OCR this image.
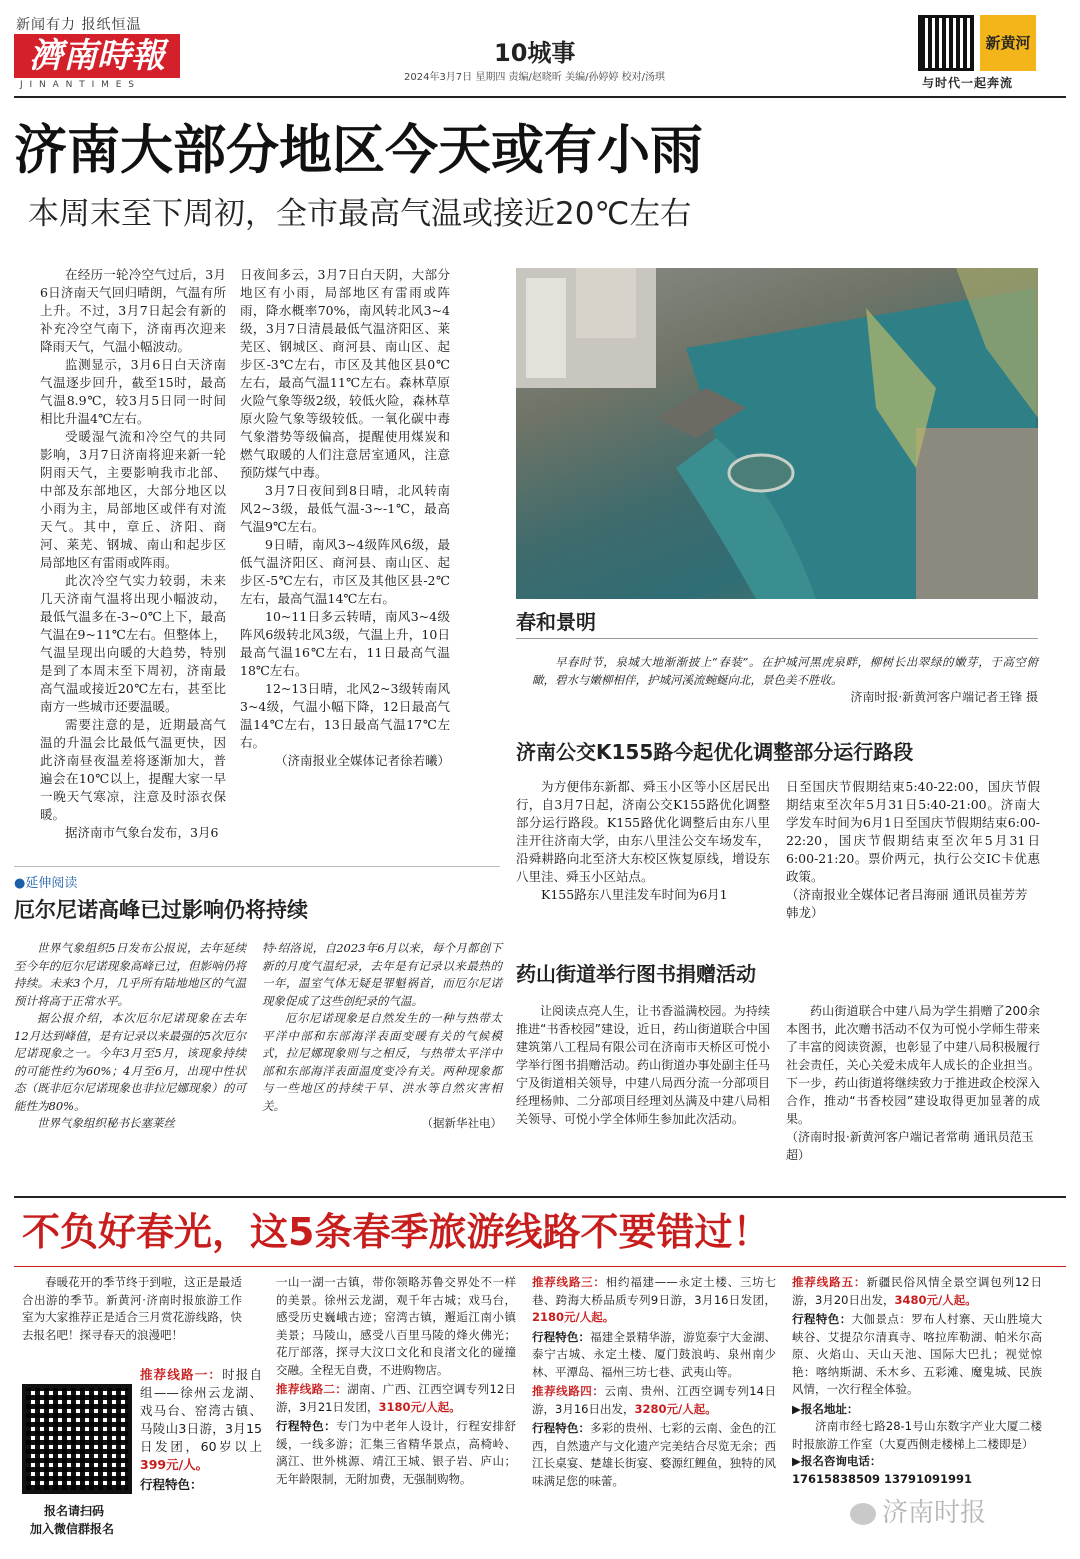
新闻有力 报纸恒温
濟南時報
J I N A N T I M E S
10城事
2024年3月7日 星期四 责编/赵晓昕 美编/孙婷婷 校对/汤琪
新黄河
与时代一起奔流
济南大部分地区今天或有小雨
本周末至下周初，全市最高气温或接近20℃左右

在经历一轮冷空气过后，3月6日济南天气回归晴朗，气温有所上升。不过，3月7日起会有新的补充冷空气南下，济南再次迎来降雨天气，气温小幅波动。

监测显示，3月6日白天济南气温逐步回升，截至15时，最高气温8.9℃，较3月5日同一时间相比升温4℃左右。

受暖湿气流和冷空气的共同影响，3月7日济南将迎来新一轮阴雨天气，主要影响我市北部、中部及东部地区，大部分地区以小雨为主，局部地区或伴有对流天气。其中，章丘、济阳、商河、莱芜、钢城、南山和起步区局部地区有雷雨或阵雨。

此次冷空气实力较弱，未来几天济南气温将出现小幅波动，最低气温多在-3~0℃上下，最高气温在9~11℃左右。但整体上，气温呈现出向暖的大趋势，特别是到了本周末至下周初，济南最高气温或接近20℃左右，甚至比南方一些城市还要温暖。

需要注意的是，近期最高气温的升温会比最低气温更快，因此济南昼夜温差将逐渐加大，普遍会在10℃以上，提醒大家一早一晚天气寒凉，注意及时添衣保暖。

据济南市气象台发布，3月6

日夜间多云，3月7日白天阴，大部分地区有小雨，局部地区有雷雨或阵雨，降水概率70%，南风转北风3~4级，3月7日清晨最低气温济阳区、莱芜区、钢城区、商河县、南山区、起步区-3℃左右，市区及其他区县0℃左右，最高气温11℃左右。森林草原火险气象等级2级，较低火险，森林草原火险气象等级较低。一氧化碳中毒气象潜势等级偏高，提醒使用煤炭和燃气取暖的人们注意居室通风，注意预防煤气中毒。

3月7日夜间到8日晴，北风转南风2~3级，最低气温-3~-1℃，最高气温9℃左右。

9日晴，南风3~4级阵风6级，最低气温济阳区、商河县、南山区、起步区-5℃左右，市区及其他区县-2℃左右，最高气温14℃左右。

10~11日多云转晴，南风3~4级阵风6级转北风3级，气温上升，10日最高气温16℃左右，11日最高气温18℃左右。

12~13日晴，北风2~3级转南风3~4级，气温小幅下降，12日最高气温14℃左右，13日最高气温17℃左右。

（济南报业全媒体记者徐若曦）

春和景明

早春时节，泉城大地渐渐披上“春装”。在护城河黑虎泉畔，柳树长出翠绿的嫩芽，于高空俯瞰，碧水与嫩柳相伴，护城河溪流蜿蜒向北，景色美不胜收。

济南时报·新黄河客户端记者王锋 摄
济南公交K155路今起优化调整部分运行路段

为方便伟东新都、舜玉小区等小区居民出行，自3月7日起，济南公交K155路优化调整部分运行路段。K155路优化调整后由东八里洼开往济南大学，由东八里洼公交车场发车，沿舜耕路向北至济大东校区恢复原线，增设东八里洼、舜玉小区站点。

K155路东八里洼发车时间为6月1

日至国庆节假期结束5:40-22:00，国庆节假期结束至次年5月31日5:40-21:00。济南大学发车时间为6月1日至国庆节假期结束6:00-22:20，国庆节假期结束至次年5月31日6:00-21:20。票价两元，执行公交IC卡优惠政策。

（济南报业全媒体记者吕海丽 通讯员崔芳芳 韩龙）

药山街道举行图书捐赠活动

让阅读点亮人生，让书香溢满校园。为持续推进“书香校园”建设，近日，药山街道联合中国建筑第八工程局有限公司在济南市天桥区可悦小学举行图书捐赠活动。药山街道办事处副主任马宁及街道相关领导，中建八局西分流一分部项目经理杨帅、二分部项目经理刘丛满及中建八局相关领导、可悦小学全体师生参加此次活动。

药山街道联合中建八局为学生捐赠了200余本图书，此次赠书活动不仅为可悦小学师生带来了丰富的阅读资源，也彰显了中建八局积极履行社会责任，关心关爱未成年人成长的企业担当。下一步，药山街道将继续致力于推进政企校深入合作，推动“书香校园”建设取得更加显著的成果。

（济南时报·新黄河客户端记者常萌 通讯员范玉超）

●延伸阅读
厄尔尼诺高峰已过影响仍将持续

世界气象组织5日发布公报说，去年延续至今年的厄尔尼诺现象高峰已过，但影响仍将持续。未来3个月，几乎所有陆地地区的气温预计将高于正常水平。

据公报介绍，本次厄尔尼诺现象在去年12月达到峰值，是有记录以来最强的5次厄尔尼诺现象之一。今年3月至5月，该现象持续的可能性约为60%；4月至6月，出现中性状态（既非厄尔尼诺现象也非拉尼娜现象）的可能性为80%。

世界气象组织秘书长塞莱丝

特·绍洛说，自2023年6月以来，每个月都创下新的月度气温纪录，去年是有记录以来最热的一年，温室气体无疑是罪魁祸首，而厄尔尼诺现象促成了这些创纪录的气温。

厄尔尼诺现象是自然发生的一种与热带太平洋中部和东部海洋表面变暖有关的气候模式，拉尼娜现象则与之相反，与热带太平洋中部和东部海洋表面温度变冷有关。两种现象都与一些地区的持续干旱、洪水等自然灾害相关。

（据新华社电）

不负好春光，这5条春季旅游线路不要错过！

春暖花开的季节终于到啦，这正是最适合出游的季节。新黄河·济南时报旅游工作室为大家推荐正是适合三月赏花游线路，快去报名吧！探寻春天的浪漫吧！

报名请扫码
加入微信群报名
推荐线路一：时报自组——徐州云龙湖、戏马台、窑湾古镇、马陵山3日游，3月15日发团，60岁以上399元/人。
行程特色：
一山一湖一古镇，带你领略苏鲁交界处不一样的美景。徐州云龙湖，观千年古城；戏马台，感受历史巍峨古迹；窑湾古镇，邂逅江南小镇美景；马陵山，感受八百里马陵的烽火佛光；花厅部落，探寻大汶口文化和良渚文化的碰撞交融。全程无自费，不进购物店。
推荐线路二：湖南、广西、江西空调专列12日游，3月21日发团，3180元/人起。
行程特色：专门为中老年人设计，行程安排舒缓，一线多游；汇集三省精华景点，高椅岭、漓江、世外桃源、靖江王城、银子岩、庐山；无年龄限制，无附加费，无强制购物。
推荐线路三：相约福建——永定土楼、三坊七巷、跨海大桥品质专列9日游，3月16日发团，2180元/人起。
行程特色：福建全景精华游，游览泰宁大金湖、泰宁古城、永定土楼、厦门鼓浪屿、泉州南少林、平潭岛、福州三坊七巷、武夷山等。
推荐线路四：云南、贵州、江西空调专列14日游，3月16日出发，3280元/人起。
行程特色：多彩的贵州、七彩的云南、金色的江西，自然遗产与文化遗产完美结合尽览无余；西江长桌宴、楚雄长街宴、婺源红鲤鱼，独特的风味满足您的味蕾。
推荐线路五：新疆民俗风情全景空调包列12日游，3月20日出发，3480元/人起。
行程特色：大伽景点：罗布人村寨、天山胜境大峡谷、艾提尕尔清真寺、喀拉库勒湖、帕米尔高原、火焰山、天山天池、国际大巴扎；视觉惊艳：喀纳斯湖、禾木乡、五彩滩、魔鬼城、民族风情，一次行程全体验。
▶报名地址：
济南市经七路28-1号山东数字产业大厦二楼时报旅游工作室（大夏西侧走楼梯上二楼即是）
▶报名咨询电话：
17615838509 13791091991
济南时报
